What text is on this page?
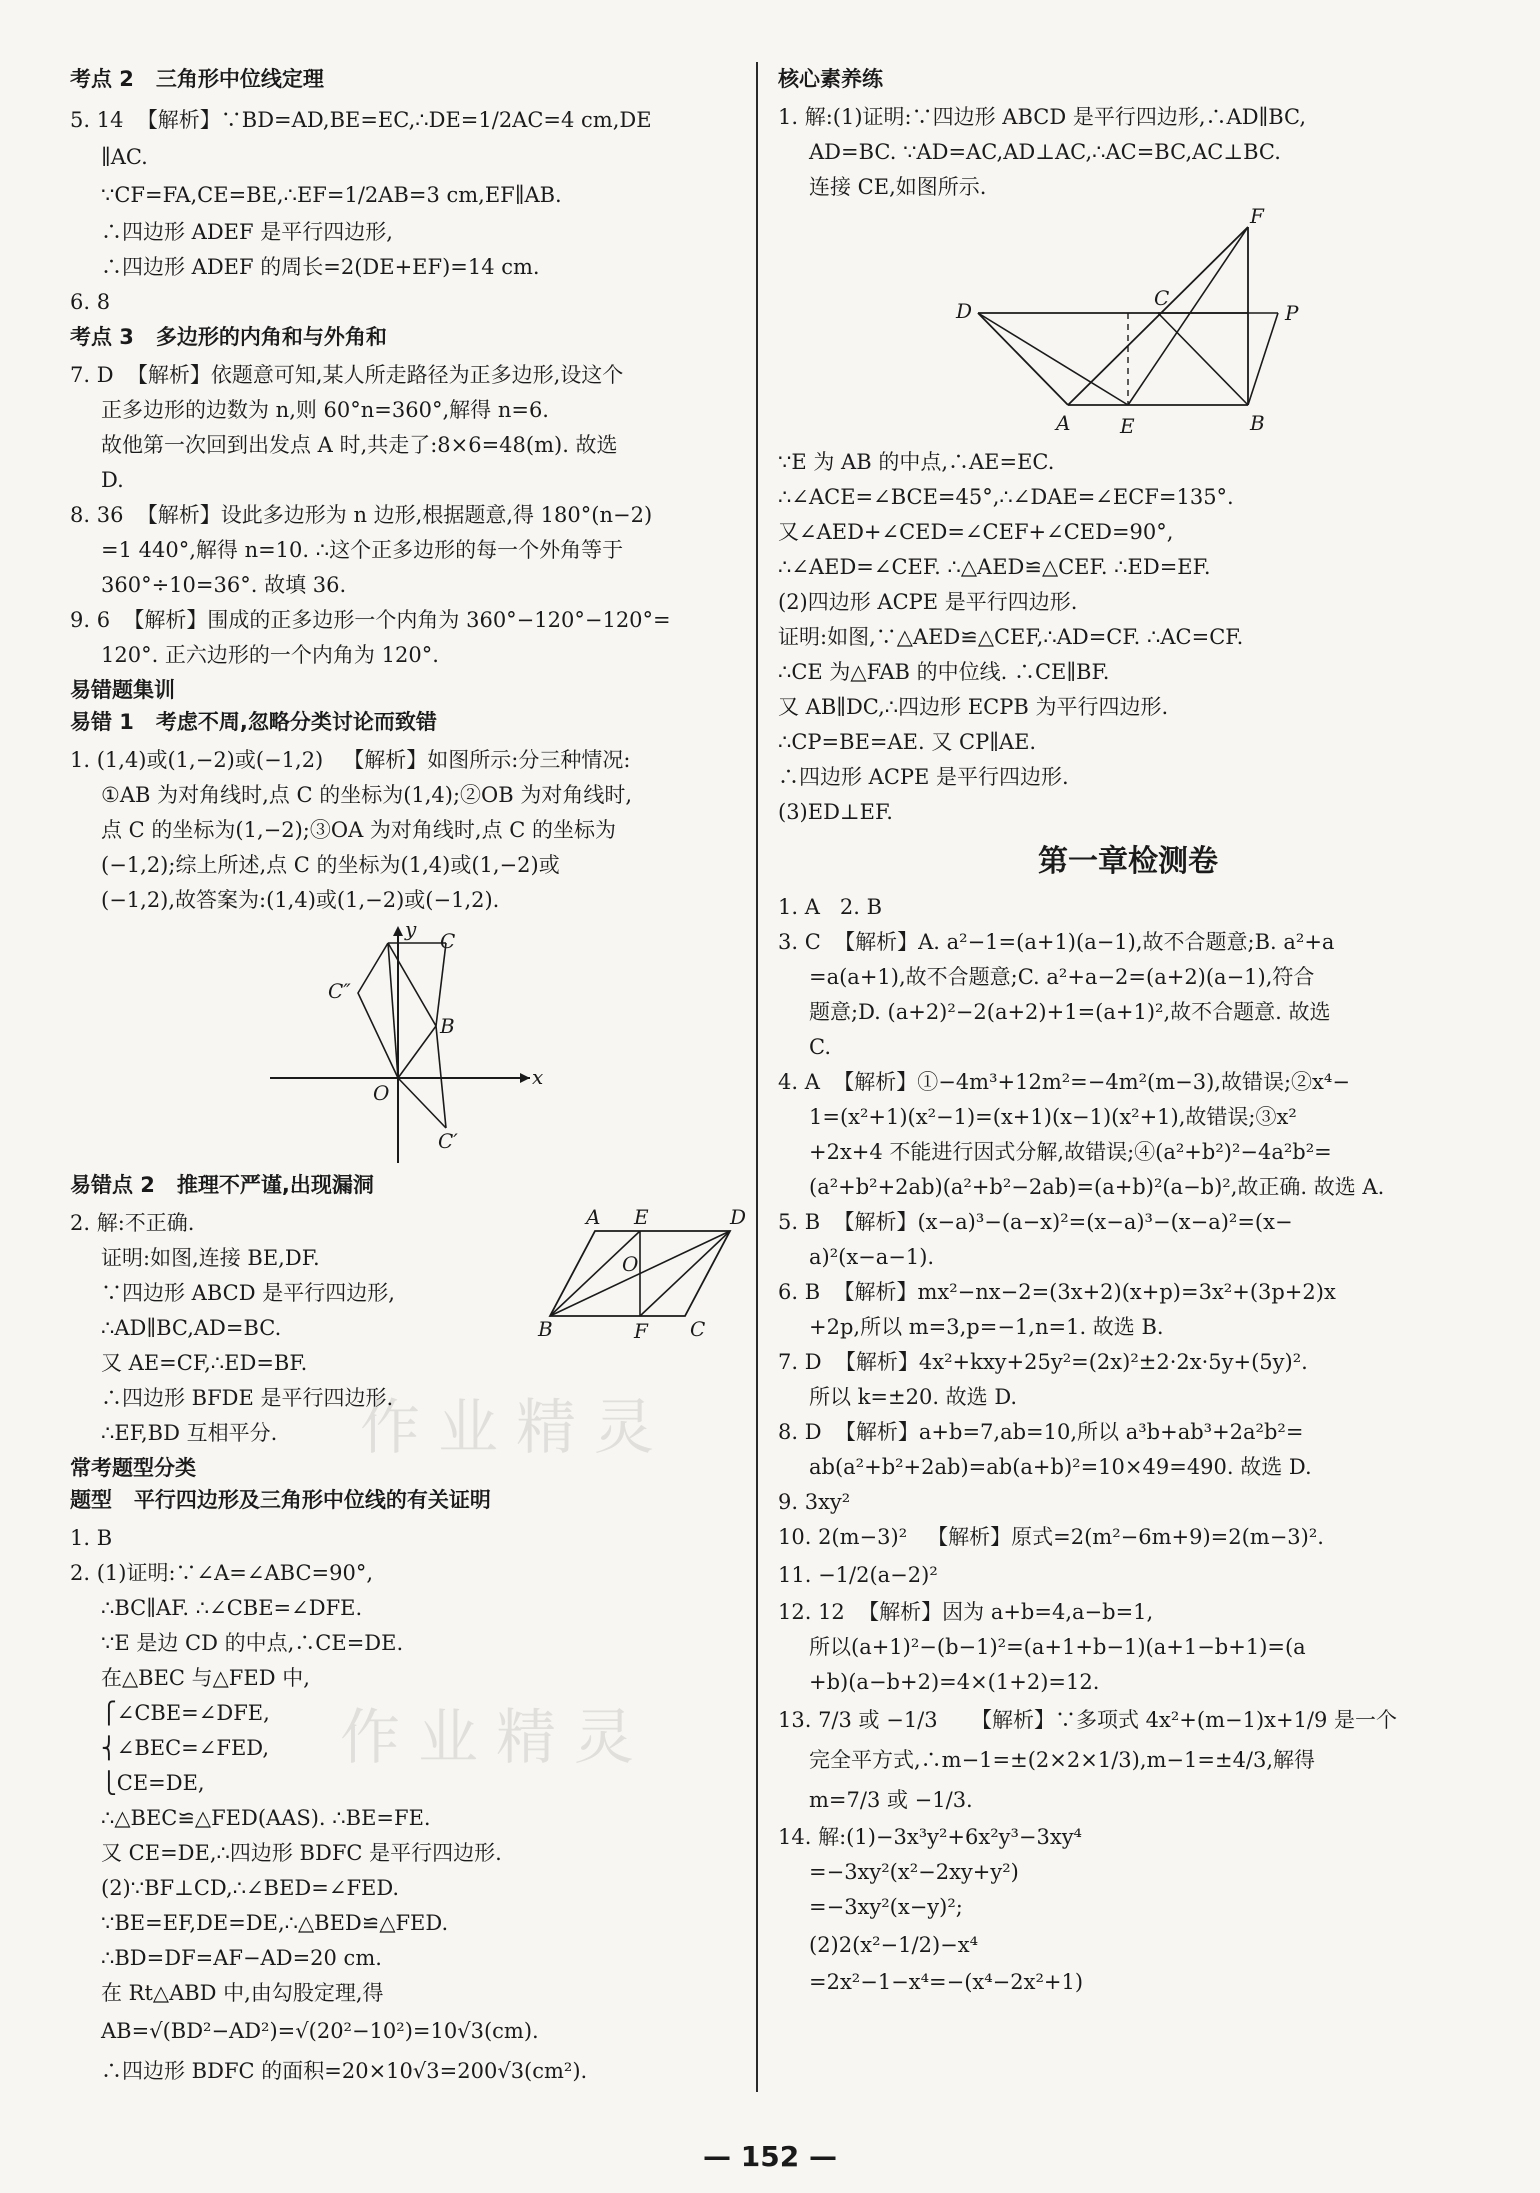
作业精灵
作业精灵
考点 2   三角形中位线定理

5. 14  【解析】∵BD=AD,BE=EC,∴DE=1/2AC=4 cm,DE

∥AC.

∵CF=FA,CE=BE,∴EF=1/2AB=3 cm,EF∥AB.

∴四边形 ADEF 是平行四边形,

∴四边形 ADEF 的周长=2(DE+EF)=14 cm.

6. 8

考点 3   多边形的内角和与外角和

7. D  【解析】依题意可知,某人所走路径为正多边形,设这个

正多边形的边数为 n,则 60°n=360°,解得 n=6.

故他第一次回到出发点 A 时,共走了:8×6=48(m). 故选

D.

8. 36  【解析】设此多边形为 n 边形,根据题意,得 180°(n−2)

=1 440°,解得 n=10. ∴这个正多边形的每一个外角等于

360°÷10=36°. 故填 36.

9. 6  【解析】围成的正多边形一个内角为 360°−120°−120°=

120°. 正六边形的一个内角为 120°.

易错题集训
易错 1   考虑不周,忽略分类讨论而致错

1. (1,4)或(1,−2)或(−1,2)   【解析】如图所示:分三种情况:

①AB 为对角线时,点 C 的坐标为(1,4);②OB 为对角线时,

点 C 的坐标为(1,−2);③OA 为对角线时,点 C 的坐标为

(−1,2);综上所述,点 C 的坐标为(1,4)或(1,−2)或

(−1,2),故答案为:(1,4)或(1,−2)或(−1,2).

y
x
C
C″
B
O
C′
易错点 2   推理不严谨,出现漏洞

2. 解:不正确.

证明:如图,连接 BE,DF.

∵四边形 ABCD 是平行四边形,

∴AD∥BC,AD=BC.

又 AE=CF,∴ED=BF.

∴四边形 BFDE 是平行四边形.

∴EF,BD 互相平分.

A E	D
O
B	F C
常考题型分类
题型   平行四边形及三角形中位线的有关证明

1. B

2. (1)证明:∵∠A=∠ABC=90°,

∴BC∥AF. ∴∠CBE=∠DFE.

∵E 是边 CD 的中点,∴CE=DE.

在△BEC 与△FED 中,

⎧∠CBE=∠DFE,

⎨∠BEC=∠FED,

⎩CE=DE,

∴△BEC≌△FED(AAS). ∴BE=FE.

又 CE=DE,∴四边形 BDFC 是平行四边形.

(2)∵BF⊥CD,∴∠BED=∠FED.

∵BE=EF,DE=DE,∴△BED≌△FED.

∴BD=DF=AF−AD=20 cm.

在 Rt△ABD 中,由勾股定理,得

AB=√(BD²−AD²)=√(20²−10²)=10√3(cm).

∴四边形 BDFC 的面积=20×10√3=200√3(cm²).

核心素养练

1. 解:(1)证明:∵四边形 ABCD 是平行四边形,∴AD∥BC,

AD=BC. ∵AD=AC,AD⊥AC,∴AC=BC,AC⊥BC.

连接 CE,如图所示.

F
D
C
P
A E	B

∵E 为 AB 的中点,∴AE=EC.

∴∠ACE=∠BCE=45°,∴∠DAE=∠ECF=135°.

又∠AED+∠CED=∠CEF+∠CED=90°,

∴∠AED=∠CEF. ∴△AED≌△CEF. ∴ED=EF.

(2)四边形 ACPE 是平行四边形.

证明:如图,∵△AED≌△CEF,∴AD=CF. ∴AC=CF.

∴CE 为△FAB 的中位线. ∴CE∥BF.

又 AB∥DC,∴四边形 ECPB 为平行四边形.

∴CP=BE=AE. 又 CP∥AE.

∴四边形 ACPE 是平行四边形.

(3)ED⊥EF.

第一章检测卷

1. A   2. B

3. C  【解析】A. a²−1=(a+1)(a−1),故不合题意;B. a²+a

=a(a+1),故不合题意;C. a²+a−2=(a+2)(a−1),符合

题意;D. (a+2)²−2(a+2)+1=(a+1)²,故不合题意. 故选

C.

4. A  【解析】①−4m³+12m²=−4m²(m−3),故错误;②x⁴−

1=(x²+1)(x²−1)=(x+1)(x−1)(x²+1),故错误;③x²

+2x+4 不能进行因式分解,故错误;④(a²+b²)²−4a²b²=

(a²+b²+2ab)(a²+b²−2ab)=(a+b)²(a−b)²,故正确. 故选 A.

5. B  【解析】(x−a)³−(a−x)²=(x−a)³−(x−a)²=(x−

a)²(x−a−1).

6. B  【解析】mx²−nx−2=(3x+2)(x+p)=3x²+(3p+2)x

+2p,所以 m=3,p=−1,n=1. 故选 B.

7. D  【解析】4x²+kxy+25y²=(2x)²±2·2x·5y+(5y)².

所以 k=±20. 故选 D.

8. D  【解析】a+b=7,ab=10,所以 a³b+ab³+2a²b²=

ab(a²+b²+2ab)=ab(a+b)²=10×49=490. 故选 D.

9. 3xy²

10. 2(m−3)²   【解析】原式=2(m²−6m+9)=2(m−3)².

11. −1/2(a−2)²

12. 12  【解析】因为 a+b=4,a−b=1,

所以(a+1)²−(b−1)²=(a+1+b−1)(a+1−b+1)=(a

+b)(a−b+2)=4×(1+2)=12.

13. 7/3 或 −1/3     【解析】∵多项式 4x²+(m−1)x+1/9 是一个

完全平方式,∴m−1=±(2×2×1/3),m−1=±4/3,解得

m=7/3 或 −1/3.

14. 解:(1)−3x³y²+6x²y³−3xy⁴

=−3xy²(x²−2xy+y²)

=−3xy²(x−y)²;

(2)2(x²−1/2)−x⁴

=2x²−1−x⁴=−(x⁴−2x²+1)

— 152 —
